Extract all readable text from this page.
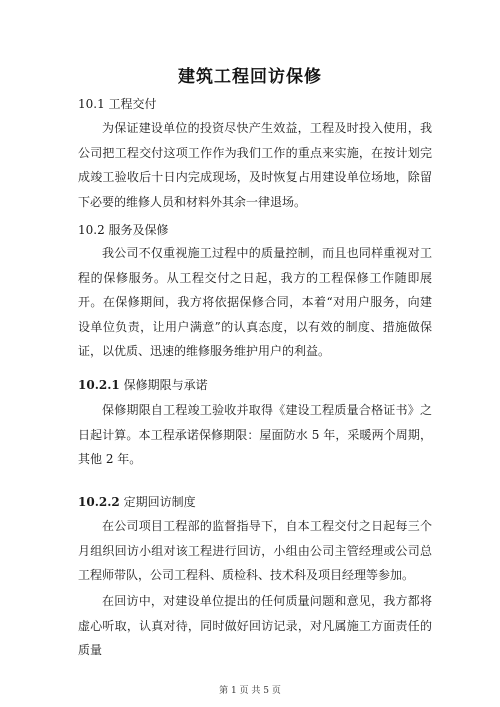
建筑工程回访保修
10.1 工程交付

为保证建设单位的投资尽快产生效益，工程及时投入使用，我公司把工程交付这项工作作为我们工作的重点来实施，在按计划完成竣工验收后十日内完成现场，及时恢复占用建设单位场地，除留下必要的维修人员和材料外其余一律退场。

10.2 服务及保修

我公司不仅重视施工过程中的质量控制，而且也同样重视对工程的保修服务。从工程交付之日起，我方的工程保修工作随即展开。在保修期间，我方将依据保修合同，本着“对用户服务，向建设单位负责，让用户满意”的认真态度，以有效的制度、措施做保证，以优质、迅速的维修服务维护用户的利益。

10.2.1 保修期限与承诺

保修期限自工程竣工验收并取得《建设工程质量合格证书》之日起计算。本工程承诺保修期限：屋面防水 5 年，采暖两个周期，其他 2 年。

10.2.2 定期回访制度

在公司项目工程部的监督指导下，自本工程交付之日起每三个月组织回访小组对该工程进行回访，小组由公司主管经理或公司总工程师带队，公司工程科、质检科、技术科及项目经理等参加。

在回访中，对建设单位提出的任何质量问题和意见，我方都将虚心听取，认真对待，同时做好回访记录，对凡属施工方面责任的质量

第 1 页 共 5 页
